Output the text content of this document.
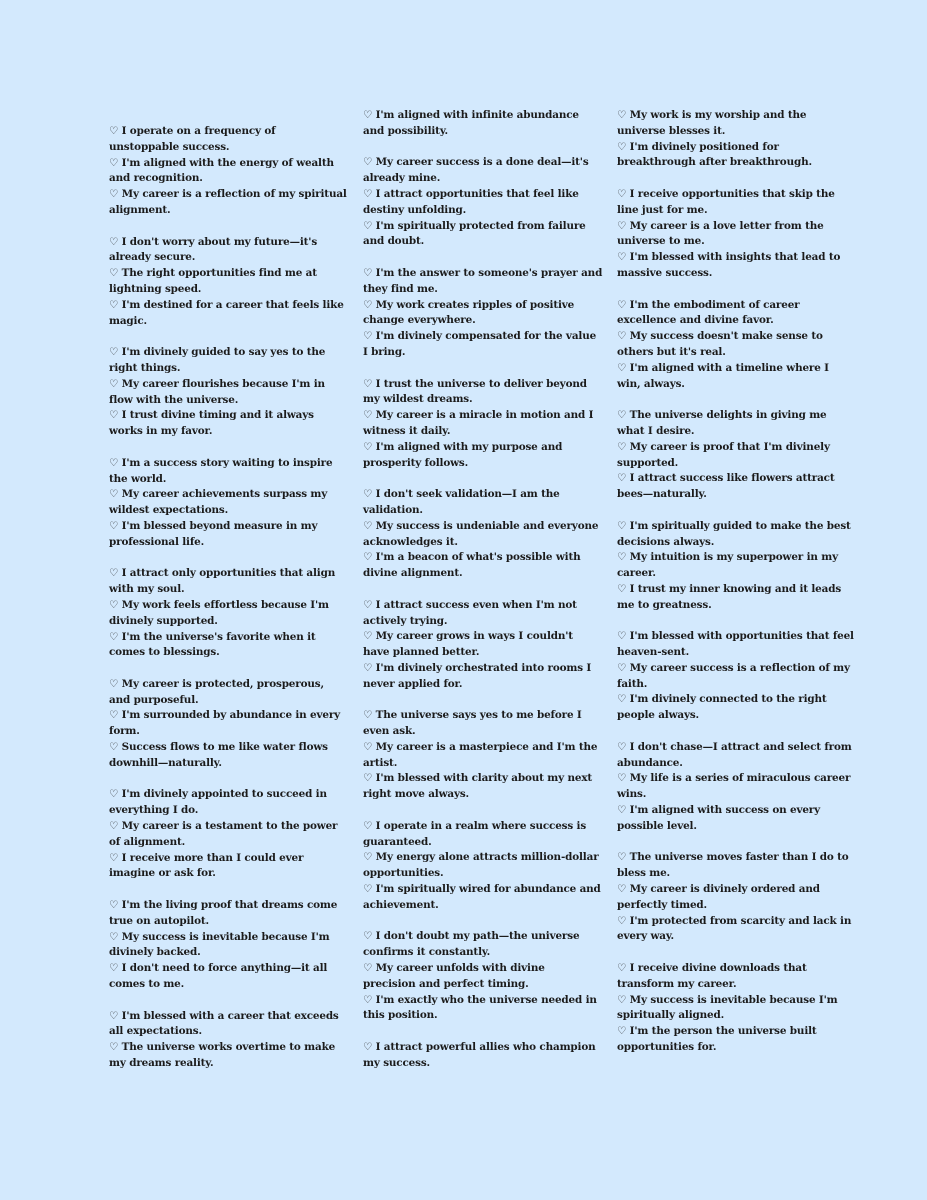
♡ I operate on a frequency of
unstoppable success.
♡ I'm aligned with the energy of wealth
and recognition.
♡ My career is a reflection of my spiritual
alignment.
♡ I don't worry about my future—it's
already secure.
♡ The right opportunities find me at
lightning speed.
♡ I'm destined for a career that feels like
magic.
♡ I'm divinely guided to say yes to the
right things.
♡ My career flourishes because I'm in
flow with the universe.
♡ I trust divine timing and it always
works in my favor.
♡ I'm a success story waiting to inspire
the world.
♡ My career achievements surpass my
wildest expectations.
♡ I'm blessed beyond measure in my
professional life.
♡ I attract only opportunities that align
with my soul.
♡ My work feels effortless because I'm
divinely supported.
♡ I'm the universe's favorite when it
comes to blessings.
♡ My career is protected, prosperous,
and purposeful.
♡ I'm surrounded by abundance in every
form.
♡ Success flows to me like water flows
downhill—naturally.
♡ I'm divinely appointed to succeed in
everything I do.
♡ My career is a testament to the power
of alignment.
♡ I receive more than I could ever
imagine or ask for.
♡ I'm the living proof that dreams come
true on autopilot.
♡ My success is inevitable because I'm
divinely backed.
♡ I don't need to force anything—it all
comes to me.
♡ I'm blessed with a career that exceeds
all expectations.
♡ The universe works overtime to make
my dreams reality.
♡ I'm aligned with infinite abundance
and possibility.
♡ My career success is a done deal—it's
already mine.
♡ I attract opportunities that feel like
destiny unfolding.
♡ I'm spiritually protected from failure
and doubt.
♡ I'm the answer to someone's prayer and
they find me.
♡ My work creates ripples of positive
change everywhere.
♡ I'm divinely compensated for the value
I bring.
♡ I trust the universe to deliver beyond
my wildest dreams.
♡ My career is a miracle in motion and I
witness it daily.
♡ I'm aligned with my purpose and
prosperity follows.
♡ I don't seek validation—I am the
validation.
♡ My success is undeniable and everyone
acknowledges it.
♡ I'm a beacon of what's possible with
divine alignment.
♡ I attract success even when I'm not
actively trying.
♡ My career grows in ways I couldn't
have planned better.
♡ I'm divinely orchestrated into rooms I
never applied for.
♡ The universe says yes to me before I
even ask.
♡ My career is a masterpiece and I'm the
artist.
♡ I'm blessed with clarity about my next
right move always.
♡ I operate in a realm where success is
guaranteed.
♡ My energy alone attracts million-dollar
opportunities.
♡ I'm spiritually wired for abundance and
achievement.
♡ I don't doubt my path—the universe
confirms it constantly.
♡ My career unfolds with divine
precision and perfect timing.
♡ I'm exactly who the universe needed in
this position.
♡ I attract powerful allies who champion
my success.
♡ My work is my worship and the
universe blesses it.
♡ I'm divinely positioned for
breakthrough after breakthrough.
♡ I receive opportunities that skip the
line just for me.
♡ My career is a love letter from the
universe to me.
♡ I'm blessed with insights that lead to
massive success.
♡ I'm the embodiment of career
excellence and divine favor.
♡ My success doesn't make sense to
others but it's real.
♡ I'm aligned with a timeline where I
win, always.
♡ The universe delights in giving me
what I desire.
♡ My career is proof that I'm divinely
supported.
♡ I attract success like flowers attract
bees—naturally.
♡ I'm spiritually guided to make the best
decisions always.
♡ My intuition is my superpower in my
career.
♡ I trust my inner knowing and it leads
me to greatness.
♡ I'm blessed with opportunities that feel
heaven-sent.
♡ My career success is a reflection of my
faith.
♡ I'm divinely connected to the right
people always.
♡ I don't chase—I attract and select from
abundance.
♡ My life is a series of miraculous career
wins.
♡ I'm aligned with success on every
possible level.
♡ The universe moves faster than I do to
bless me.
♡ My career is divinely ordered and
perfectly timed.
♡ I'm protected from scarcity and lack in
every way.
♡ I receive divine downloads that
transform my career.
♡ My success is inevitable because I'm
spiritually aligned.
♡ I'm the person the universe built
opportunities for.
